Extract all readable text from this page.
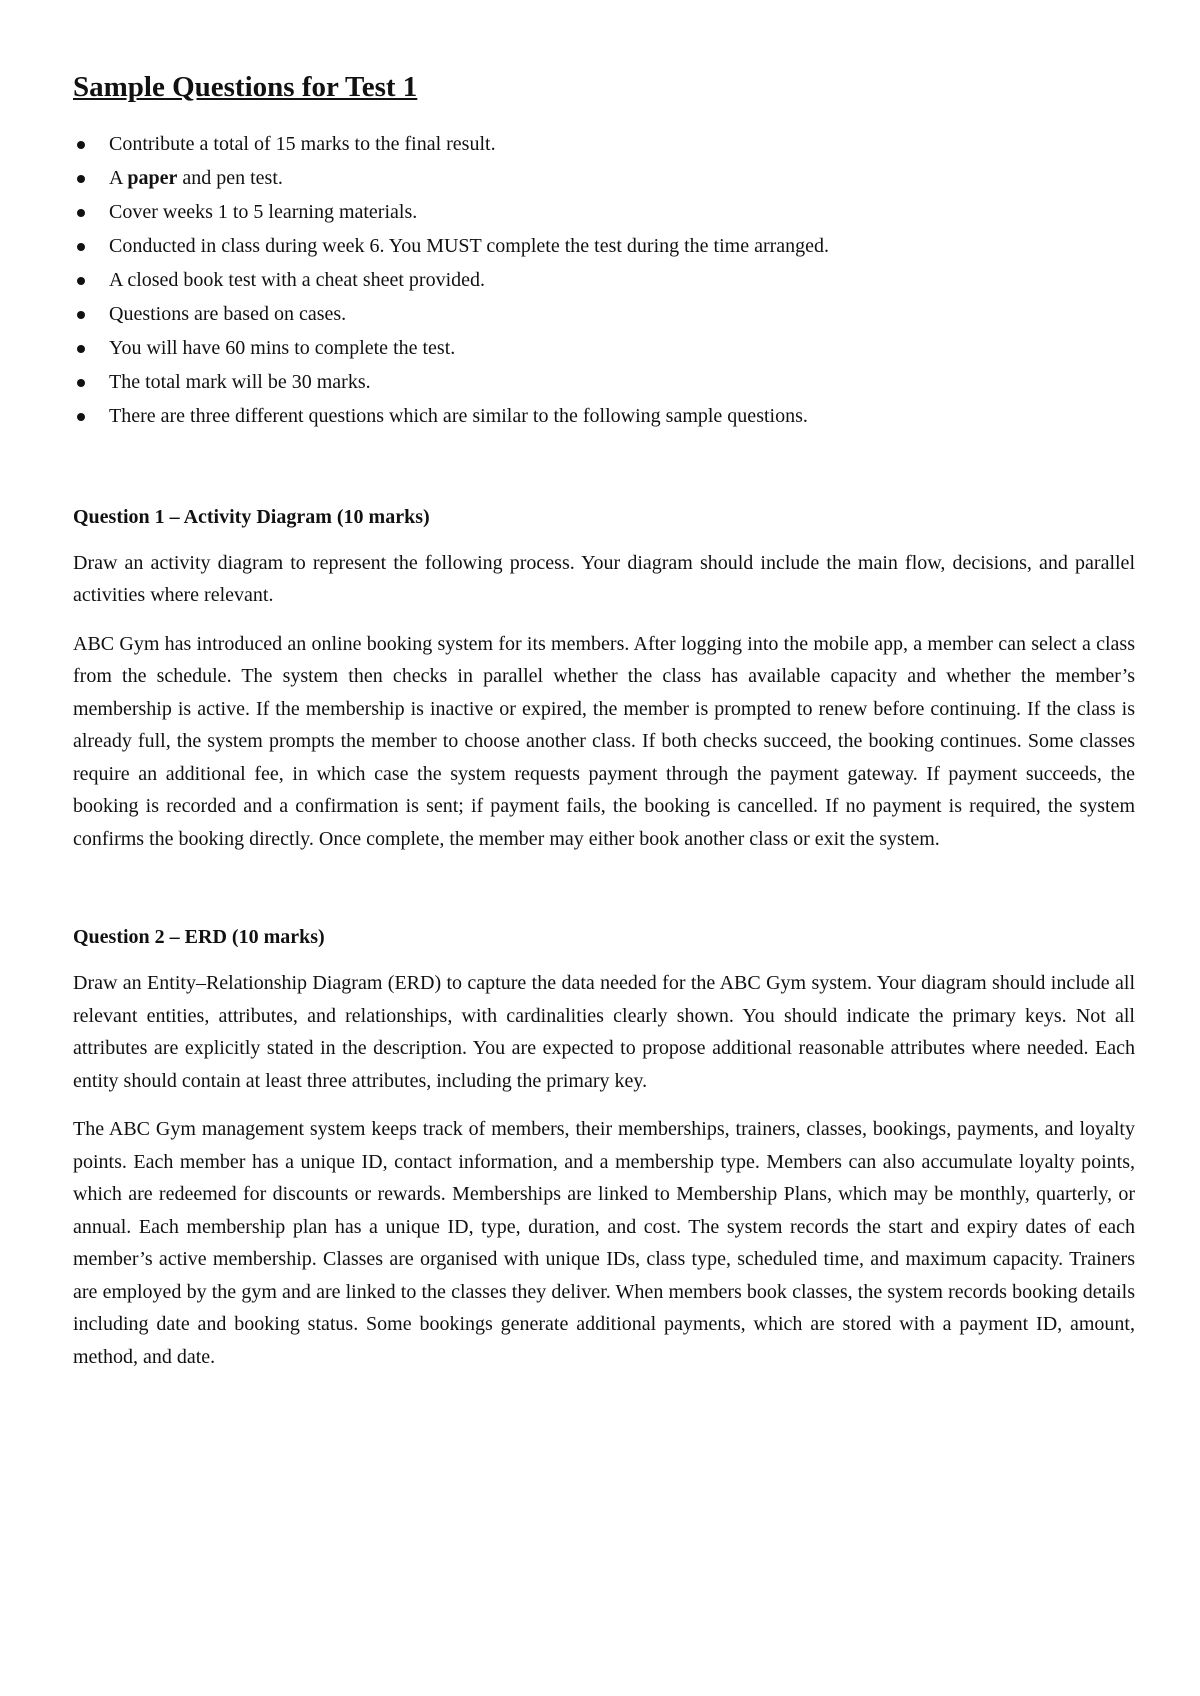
Sample Questions for Test 1
Contribute a total of 15 marks to the final result.
A paper and pen test.
Cover weeks 1 to 5 learning materials.
Conducted in class during week 6. You MUST complete the test during the time arranged.
A closed book test with a cheat sheet provided.
Questions are based on cases.
You will have 60 mins to complete the test.
The total mark will be 30 marks.
There are three different questions which are similar to the following sample questions.
Question 1 – Activity Diagram (10 marks)

Draw an activity diagram to represent the following process. Your diagram should include the main flow, decisions, and parallel activities where relevant.

ABC Gym has introduced an online booking system for its members. After logging into the mobile app, a member can select a class from the schedule. The system then checks in parallel whether the class has available capacity and whether the member’s membership is active. If the membership is inactive or expired, the member is prompted to renew before continuing. If the class is already full, the system prompts the member to choose another class. If both checks succeed, the booking continues. Some classes require an additional fee, in which case the system requests payment through the payment gateway. If payment succeeds, the booking is recorded and a confirmation is sent; if payment fails, the booking is cancelled. If no payment is required, the system confirms the booking directly. Once complete, the member may either book another class or exit the system.

Question 2 – ERD (10 marks)

Draw an Entity–Relationship Diagram (ERD) to capture the data needed for the ABC Gym system. Your diagram should include all relevant entities, attributes, and relationships, with cardinalities clearly shown. You should indicate the primary keys. Not all attributes are explicitly stated in the description. You are expected to propose additional reasonable attributes where needed. Each entity should contain at least three attributes, including the primary key.

The ABC Gym management system keeps track of members, their memberships, trainers, classes, bookings, payments, and loyalty points. Each member has a unique ID, contact information, and a membership type. Members can also accumulate loyalty points, which are redeemed for discounts or rewards. Memberships are linked to Membership Plans, which may be monthly, quarterly, or annual. Each membership plan has a unique ID, type, duration, and cost. The system records the start and expiry dates of each member’s active membership. Classes are organised with unique IDs, class type, scheduled time, and maximum capacity. Trainers are employed by the gym and are linked to the classes they deliver. When members book classes, the system records booking details including date and booking status. Some bookings generate additional payments, which are stored with a payment ID, amount, method, and date.
